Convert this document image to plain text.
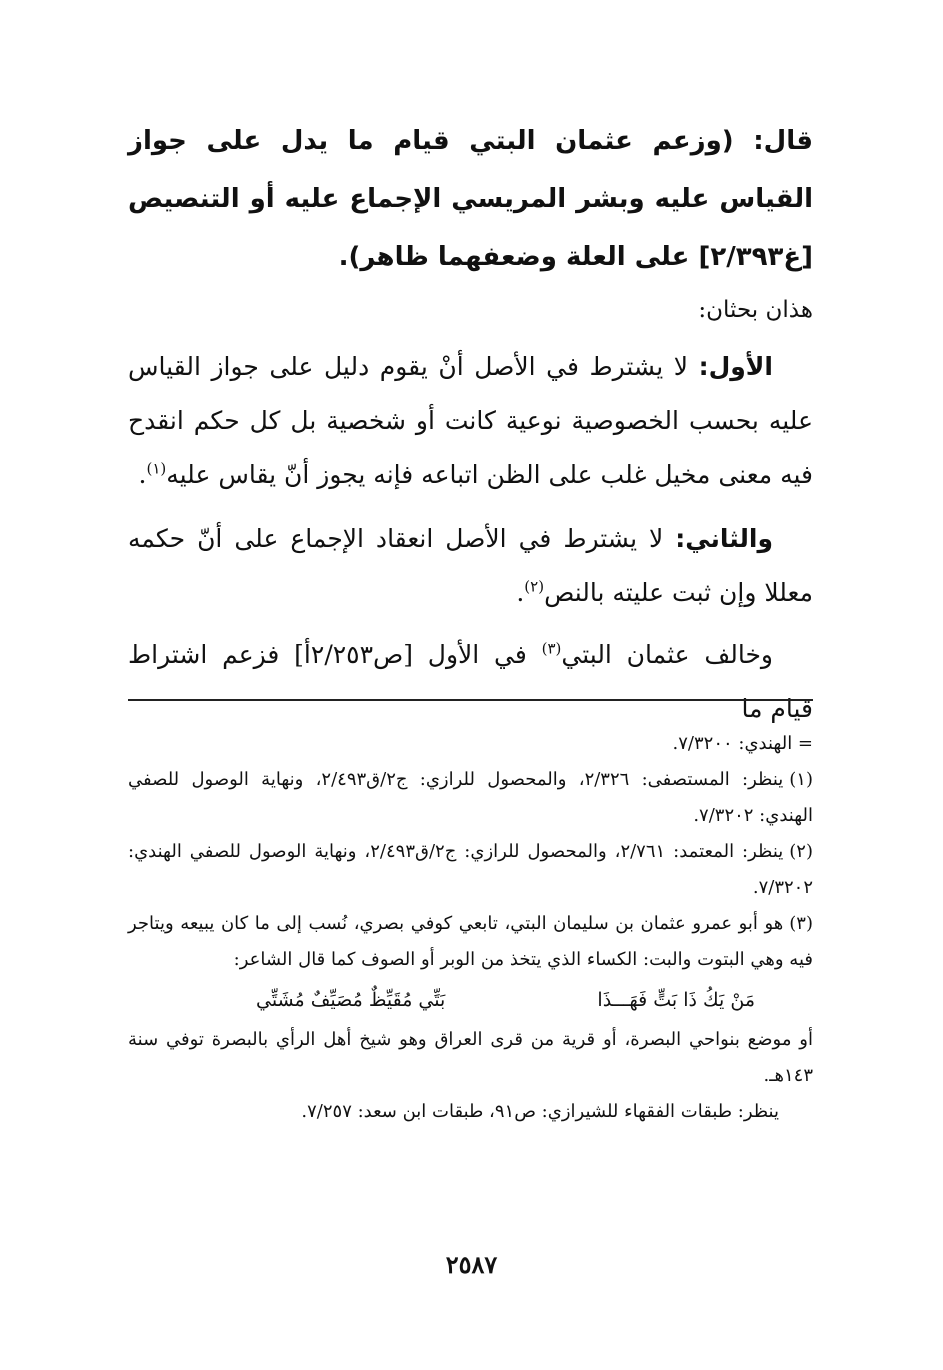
قال: (وزعم عثمان البتي قيام ما يدل على جواز القياس عليه وبشر المريسي الإجماع عليه أو التنصيص [غ٢/٣٩٣] على العلة وضعفهما ظاهر).
هذان بحثان:
الأول: لا يشترط في الأصل أنْ يقوم دليل على جواز القياس عليه بحسب الخصوصية نوعية كانت أو شخصية بل كل حكم انقدح فيه معنى مخيل غلب على الظن اتباعه فإنه يجوز أنّ يقاس عليه$^{(١)}$.
والثاني: لا يشترط في الأصل انعقاد الإجماع على أنّ حكمه معللا وإن ثبت عليته بالنص$^{(٢)}$.
وخالف عثمان البتي$^{(٣)}$ في الأول [ص٢/٢٥٣أ] فزعم اشتراط قيام ما
= الهندي: ٧/٣٢٠٠.
(١)ينظر: المستصفى: ٢/٣٢٦، والمحصول للرازي: ج٢/ق٢/٤٩٣، ونهاية الوصول للصفي الهندي: ٧/٣٢٠٢.
(٢)ينظر: المعتمد: ٢/٧٦١، والمحصول للرازي: ج٢/ق٢/٤٩٣، ونهاية الوصول للصفي الهندي: ٧/٣٢٠٢.
(٣)هو أبو عمرو عثمان بن سليمان البتي، تابعي كوفي بصري، نُسب إلى ما كان يبيعه ويتاجر فيه وهي البتوت والبت: الكساء الذي يتخذ من الوبر أو الصوف كما قال الشاعر:
مَنْ يَكُ ذَا بَتٍّ فَهَـــذَا
بَتِّي مُقَيِّظٌ مُصَيِّفٌ مُشَتِّي
أو موضع بنواحي البصرة، أو قرية من قرى العراق وهو شيخ أهل الرأي بالبصرة توفي سنة ١٤٣هـ.
ينظر: طبقات الفقهاء للشيرازي: ص٩١، طبقات ابن سعد: ٧/٢٥٧.
٢٥٨٧
